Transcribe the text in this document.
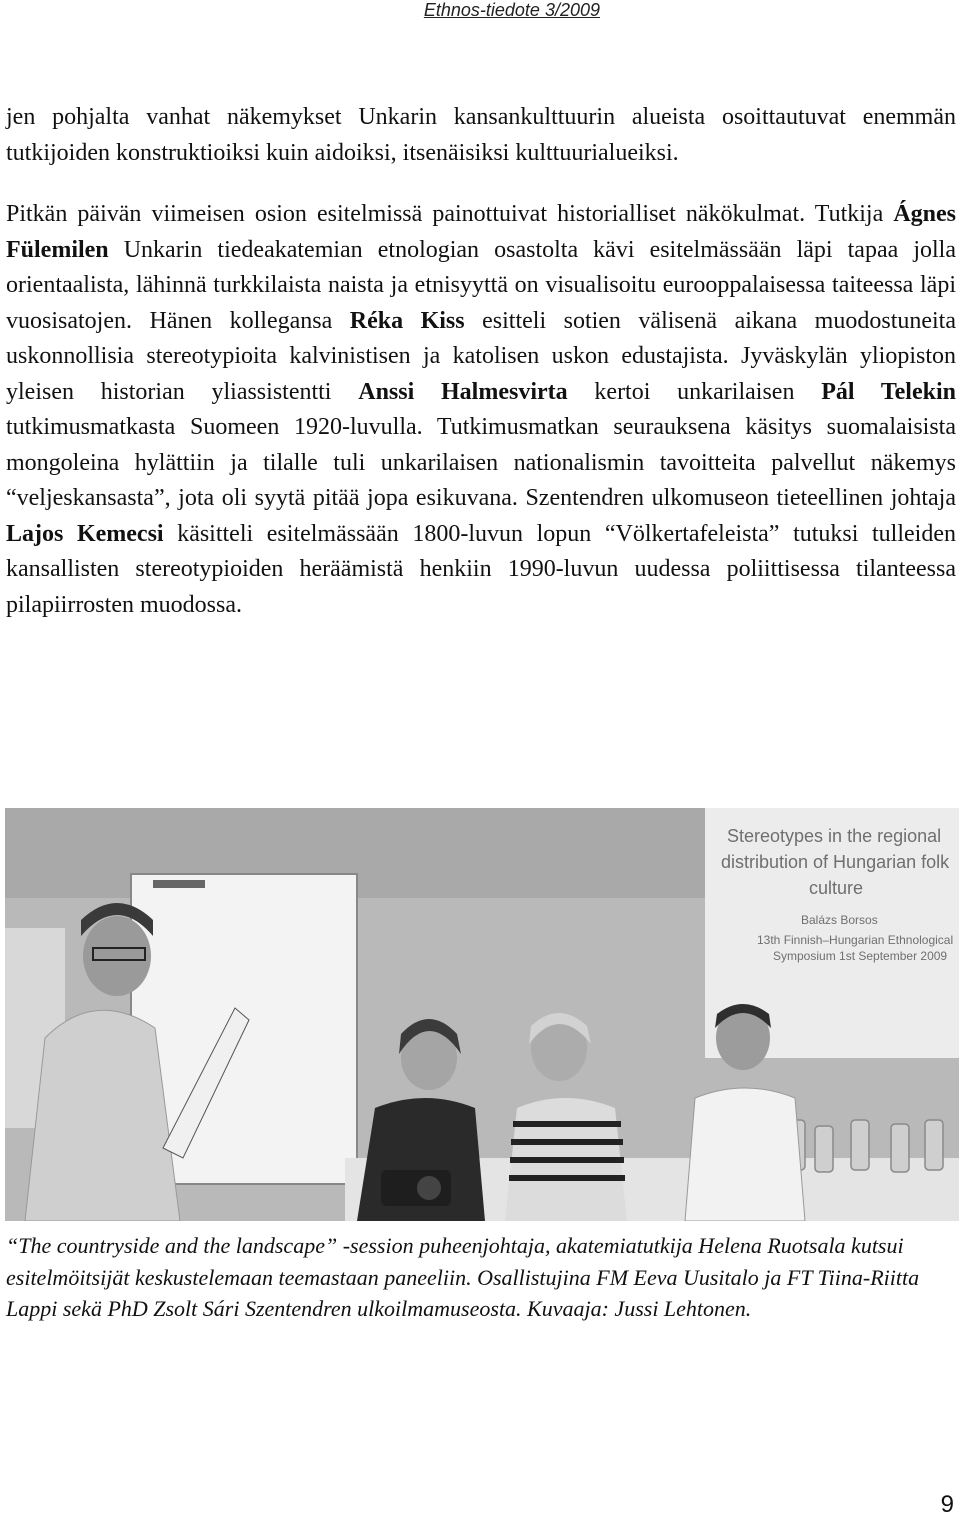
Ethnos-tiedote 3/2009

jen pohjalta vanhat näkemykset Unkarin kansankulttuurin alueista osoittautuvat enemmän tutkijoiden konstruktioiksi kuin aidoiksi, itsenäisiksi kulttuurialueiksi.

Pitkän päivän viimeisen osion esitelmissä painottuivat historialliset näkökulmat. Tutkija Ágnes Fülemilen Unkarin tiedeakatemian etnologian osastolta kävi esitelmässään läpi tapaa jolla orientaalista, lähinnä turkkilaista naista ja etnisyyttä on visualisoitu eurooppalaisessa taiteessa läpi vuosisatojen. Hänen kollegansa Réka Kiss esitteli sotien välisenä aikana muodostuneita uskonnollisia stereotypioita kalvinistisen ja katolisen uskon edustajista. Jyväskylän yliopiston yleisen historian yliassistentti Anssi Halmesvirta kertoi unkarilaisen Pál Telekin tutkimusmatkasta Suomeen 1920-luvulla. Tutkimusmatkan seurauksena käsitys suomalaisista mongoleina hylättiin ja tilalle tuli unkarilaisen nationalismin tavoitteita palvellut näkemys “veljeskansasta”, jota oli syytä pitää jopa esikuvana. Szentendren ulkomuseon tieteellinen johtaja Lajos Kemecsi käsitteli esitelmässään 1800-luvun lopun “Völkertafeleista” tutuksi tulleiden kansallisten stereotypioiden heräämistä henkiin 1990-luvun uudessa poliittisessa tilanteessa pilapiirrosten muodossa.

Stereotypes in the regional
distribution of Hungarian folk
culture
Balázs Borsos
13th Finnish–Hungarian Ethnological
Symposium 1st September 2009

“The countryside and the landscape” -session puheenjohtaja, akatemiatutkija Helena Ruotsala kutsui esitelmöitsijät keskustelemaan teemastaan paneeliin. Osallistujina FM Eeva Uusitalo ja FT Tiina-Riitta Lappi sekä PhD Zsolt Sári Szentendren ulkoilmamuseosta. Kuvaaja: Jussi Lehtonen.

9
